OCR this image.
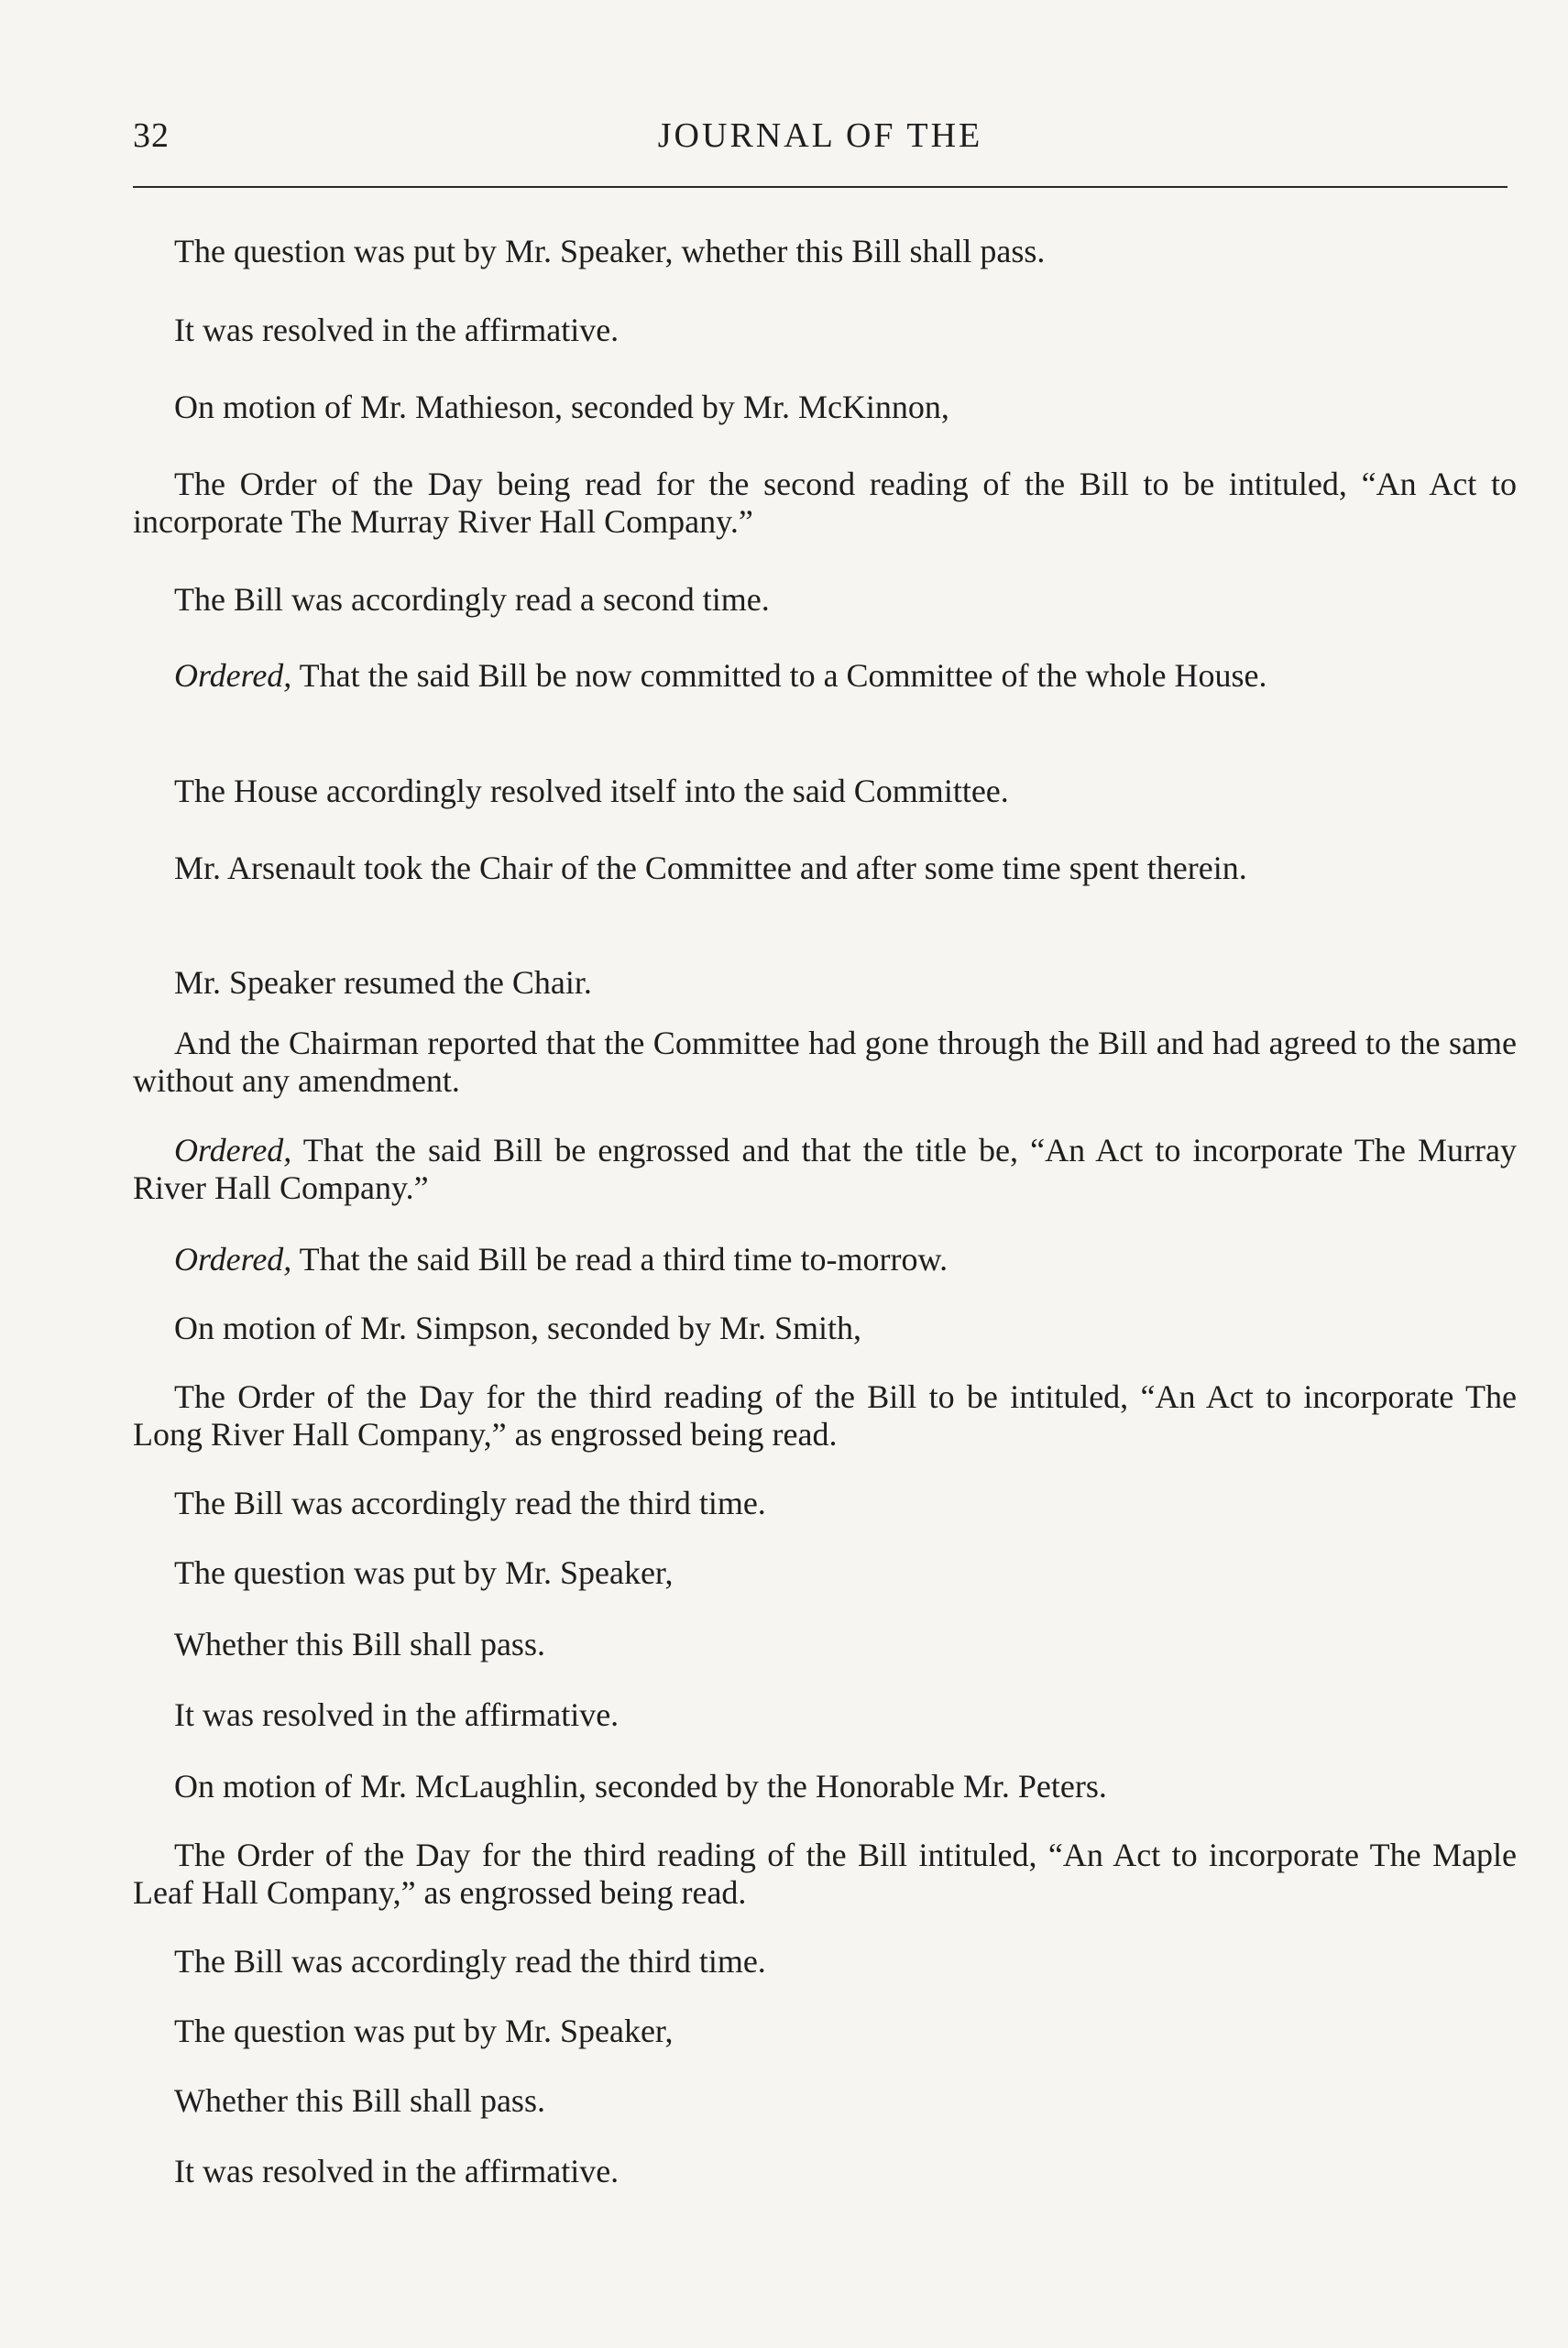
32	JOURNAL OF THE

The question was put by Mr. Speaker, whether this Bill shall pass.

It was resolved in the affirmative.

On motion of Mr. Mathieson, seconded by Mr. McKinnon,

The Order of the Day being read for the second reading of the Bill to be intituled, “An Act to incorporate The Murray River Hall Company.”

The Bill was accordingly read a second time.

Ordered, That the said Bill be now committed to a Committee of the whole House.

The House accordingly resolved itself into the said Committee.

Mr. Arsenault took the Chair of the Committee and after some time spent therein.

Mr. Speaker resumed the Chair.

And the Chairman reported that the Committee had gone through the Bill and had agreed to the same without any amendment.

Ordered, That the said Bill be engrossed and that the title be, “An Act to incorporate The Murray River Hall Company.”

Ordered, That the said Bill be read a third time to-morrow.

On motion of Mr. Simpson, seconded by Mr. Smith,

The Order of the Day for the third reading of the Bill to be intituled, “An Act to incorporate The Long River Hall Company,” as engrossed being read.

The Bill was accordingly read the third time.

The question was put by Mr. Speaker,

Whether this Bill shall pass.

It was resolved in the affirmative.

On motion of Mr. McLaughlin, seconded by the Honorable Mr. Peters.

The Order of the Day for the third reading of the Bill intituled, “An Act to incorporate The Maple Leaf Hall Company,” as engrossed being read.

The Bill was accordingly read the third time.

The question was put by Mr. Speaker,

Whether this Bill shall pass.

It was resolved in the affirmative.
